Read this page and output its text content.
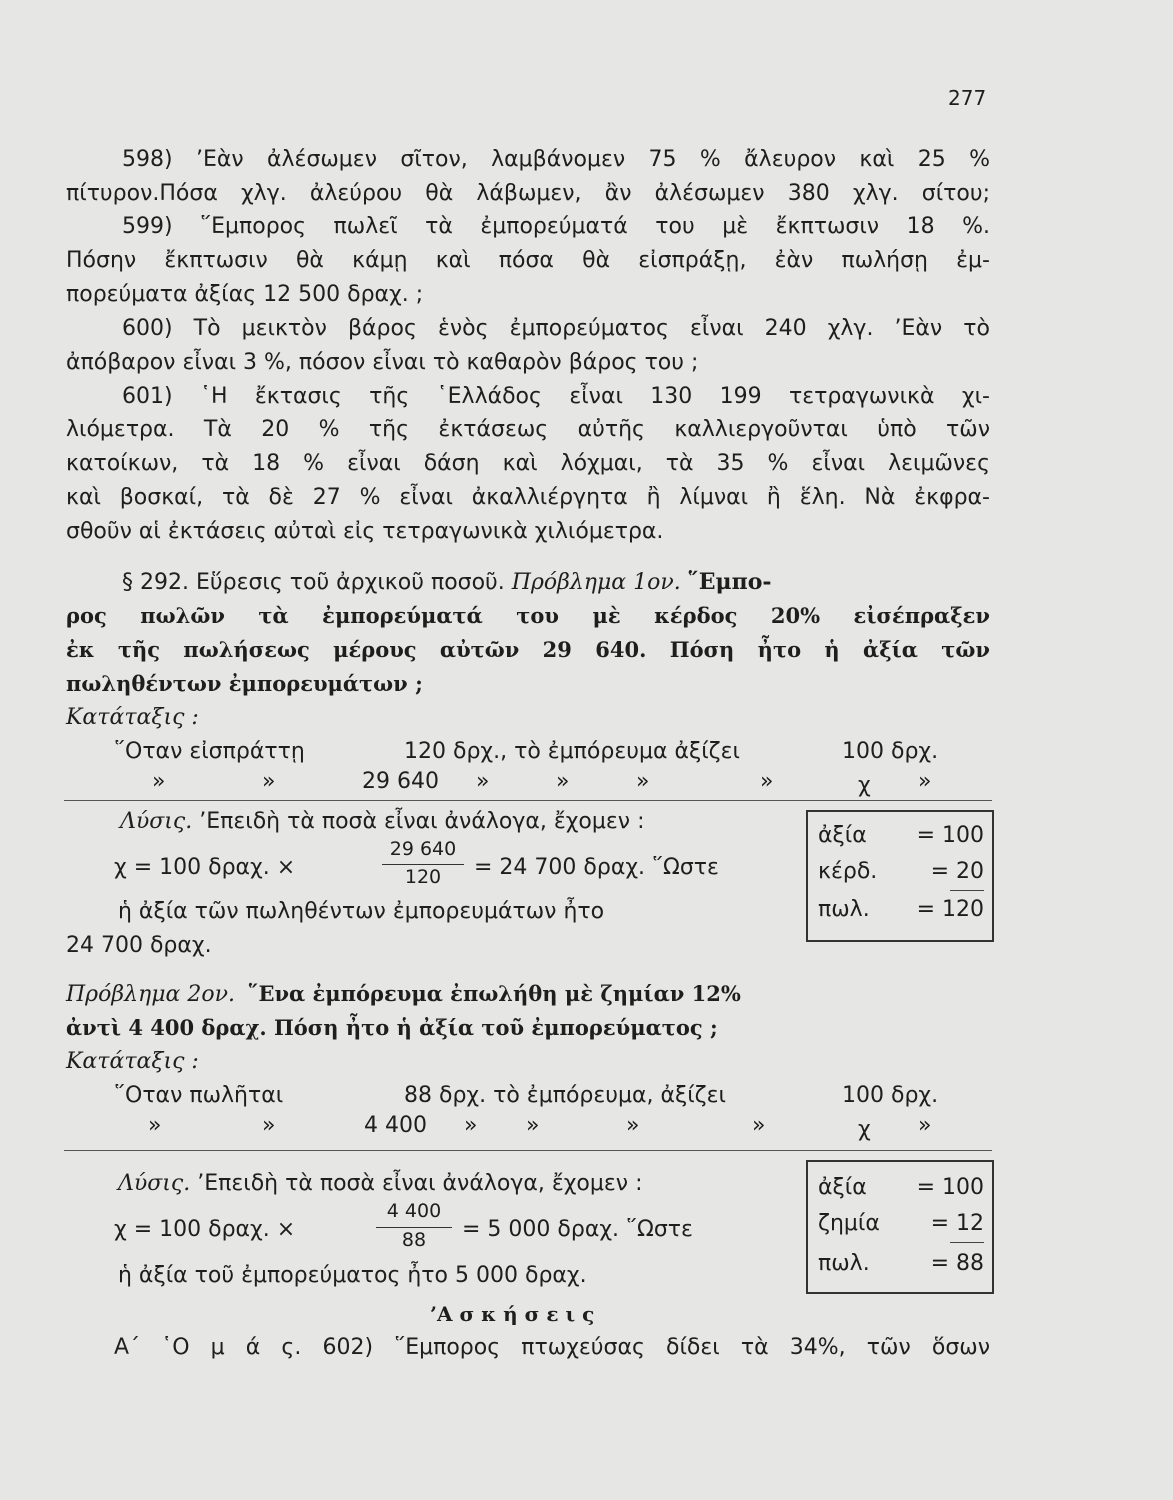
277
598) ’Εὰν ἀλέσωμεν σῖτον, λαμβάνομεν 75 % ἄλευρον καὶ 25 %
πίτυρον.Πόσα χλγ. ἀλεύρου θὰ λάβωμεν, ἂν ἀλέσωμεν 380 χλγ. σίτου;
599) ῞Εμπορος πωλεῖ τὰ ἐμπορεύματά του μὲ ἔκπτωσιν 18 %.
Πόσην ἔκπτωσιν θὰ κάμῃ καὶ πόσα θὰ εἰσπράξῃ, ἐὰν πωλήσῃ ἐμ-
πορεύματα ἀξίας 12 500 δραχ. ;
600) Τὸ μεικτὸν βάρος ἑνὸς ἐμπορεύματος εἶναι 240 χλγ. ’Εὰν τὸ
ἀπόβαρον εἶναι 3 %, πόσον εἶναι τὸ καθαρὸν βάρος του ;
601) ῾Η ἔκτασις τῆς ῾Ελλάδος εἶναι 130 199 τετραγωνικὰ χι-
λιόμετρα. Τὰ 20 % τῆς ἐκτάσεως αὐτῆς καλλιεργοῦνται ὑπὸ τῶν
κατοίκων, τὰ 18 % εἶναι δάση καὶ λόχμαι, τὰ 35 % εἶναι λειμῶνες
καὶ βοσκαί, τὰ δὲ 27 % εἶναι ἀκαλλιέργητα ἢ λίμναι ἢ ἕλη. Νὰ ἐκφρα-
σθοῦν αἱ ἐκτάσεις αὐταὶ εἰς τετραγωνικὰ χιλιόμετρα.
§ 292. Εὕρεσις τοῦ ἀρχικοῦ ποσοῦ. Πρόβλημα 1ον. ῞Εμπο-
ρος πωλῶν τὰ ἐμπορεύματά του μὲ κέρδος 20% εἰσέπραξεν
ἐκ τῆς πωλήσεως μέρους αὐτῶν 29 640. Πόση ἦτο ἡ ἀξία τῶν
πωληθέντων ἐμπορευμάτων ;
Κατάταξις :
῞Οταν εἰσπράττῃ	120 δρχ., τὸ ἐμπόρευμα ἀξίζει	100 δρχ.
»	»	29 640 »	»	»	»	χ »
Λύσις. ’Επειδὴ τὰ ποσὰ εἶναι ἀνάλογα, ἔχομεν :
χ = 100 δραχ. ×
29 640
120	= 24 700 δραχ. ῞Ωστε
ἡ ἀξία τῶν πωληθέντων ἐμπορευμάτων ἦτο
24 700 δραχ.
ἀξία = 100
κέρδ. = 20
πωλ. = 120
Πρόβλημα 2ον. ῞Ενα ἐμπόρευμα ἐπωλήθη μὲ ζημίαν 12%
ἀντὶ 4 400 δραχ. Πόση ἦτο ἡ ἀξία τοῦ ἐμπορεύματος ;
Κατάταξις :
῞Οταν πωλῆται	88 δρχ. τὸ ἐμπόρευμα, ἀξίζει	100 δρχ.
»	»	4 400 » »	»	»	χ »
Λύσις. ’Επειδὴ τὰ ποσὰ εἶναι ἀνάλογα, ἔχομεν :
χ = 100 δραχ. ×
4 400
88	= 5 000 δραχ. ῞Ωστε
ἡ ἀξία τοῦ ἐμπορεύματος ἦτο 5 000 δραχ.
ἀξία = 100
ζημία = 12
πωλ.	= 88
’Α σ κ ή σ ε ι ς
Α΄ ῾Ο μ ά ς. 602) ῞Εμπορος πτωχεύσας δίδει τὰ 34%, τῶν ὅσων
